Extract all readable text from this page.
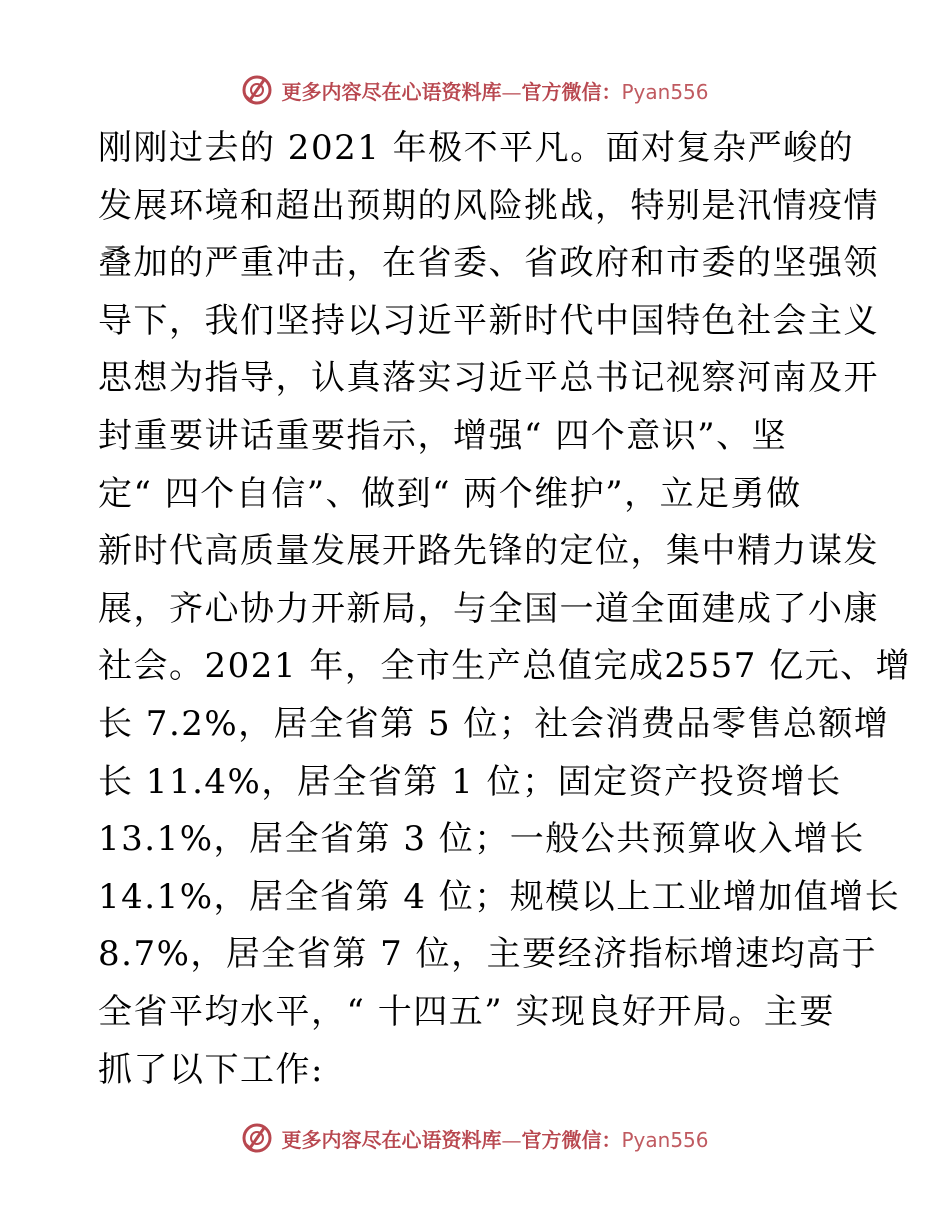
更多内容尽在心语资料库—官方微信：Pyan556
刚刚过去的 2021 年极不平凡。面对复杂严峻的
发展环境和超出预期的风险挑战，特别是汛情疫情
叠加的严重冲击，在省委、省政府和市委的坚强领
导下，我们坚持以习近平新时代中国特色社会主义
思想为指导，认真落实习近平总书记视察河南及开
封重要讲话重要指示，增强“ 四个意识”、坚
定“ 四个自信”、做到“ 两个维护”，立足勇做
新时代高质量发展开路先锋的定位，集中精力谋发
展，齐心协力开新局，与全国一道全面建成了小康
社会。2021 年，全市生产总值完成2557 亿元、增
长 7.2%，居全省第 5 位；社会消费品零售总额增
长 11.4%，居全省第 1 位；固定资产投资增长
13.1%，居全省第 3 位；一般公共预算收入增长
14.1%，居全省第 4 位；规模以上工业增加值增长
8.7%，居全省第 7 位，主要经济指标增速均高于
全省平均水平，“ 十四五” 实现良好开局。主要
抓了以下工作:
更多内容尽在心语资料库—官方微信：Pyan556
